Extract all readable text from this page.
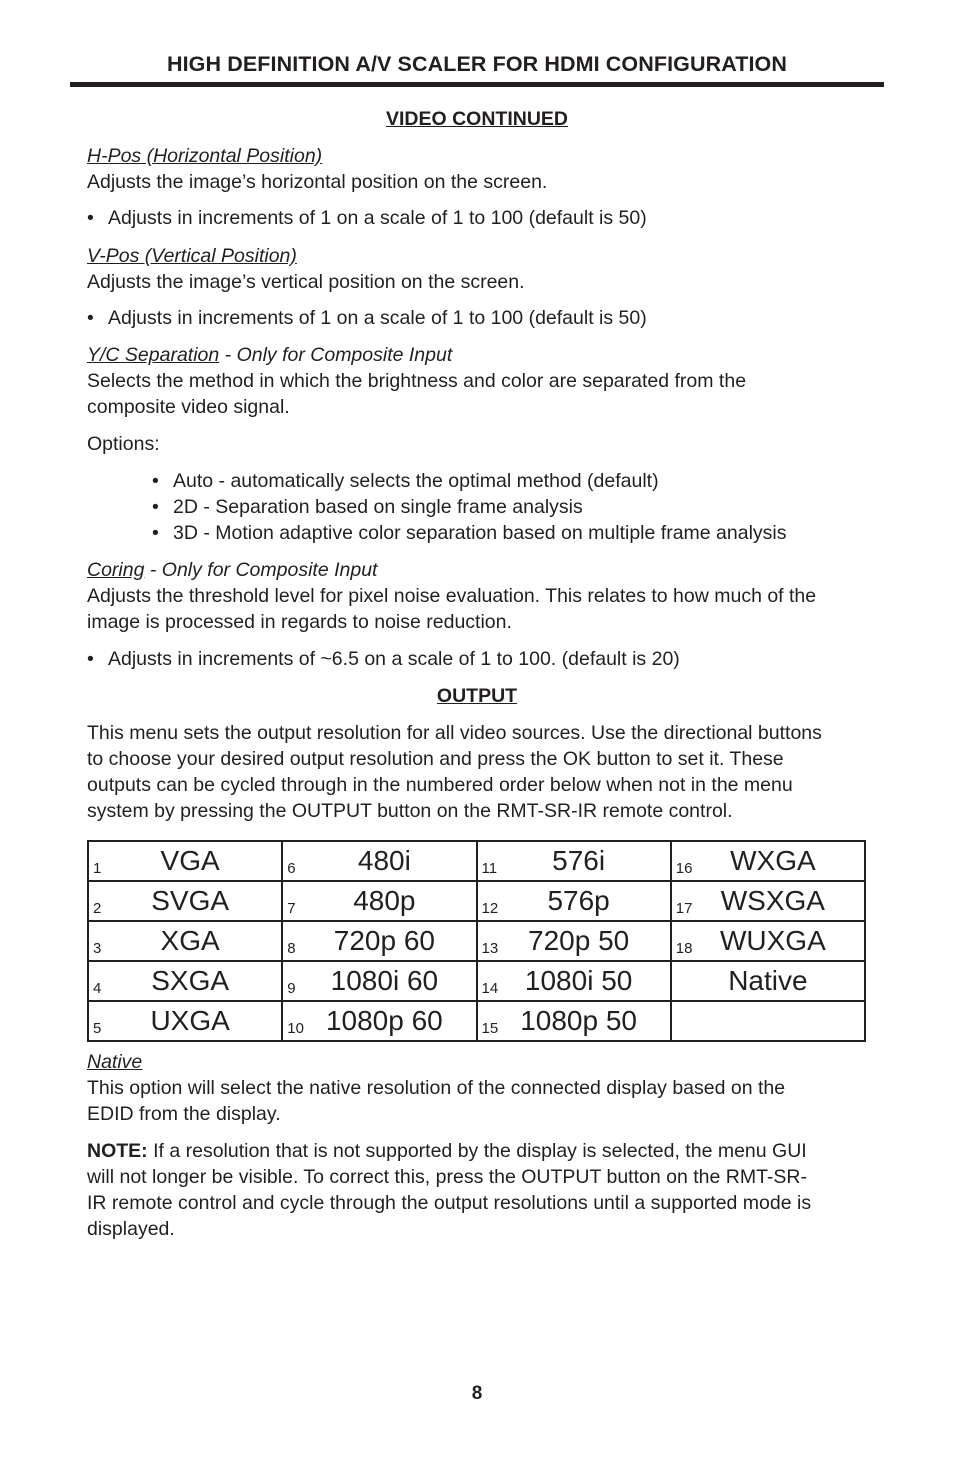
HIGH DEFINITION A/V SCALER FOR HDMI CONFIGURATION
VIDEO CONTINUED
H-Pos (Horizontal Position)
Adjusts the image’s horizontal position on the screen.
• Adjusts in increments of 1 on a scale of 1 to 100 (default is 50)
V-Pos (Vertical Position)
Adjusts the image’s vertical position on the screen.
• Adjusts in increments of 1 on a scale of 1 to 100 (default is 50)
Y/C Separation - Only for Composite Input
Selects the method in which the brightness and color are separated from the
composite video signal.
Options:
• Auto - automatically selects the optimal method (default)
• 2D - Separation based on single frame analysis
• 3D - Motion adaptive color separation based on multiple frame analysis
Coring - Only for Composite Input
Adjusts the threshold level for pixel noise evaluation. This relates to how much of the
image is processed in regards to noise reduction.
• Adjusts in increments of ~6.5 on a scale of 1 to 100. (default is 20)
OUTPUT
This menu sets the output resolution for all video sources. Use the directional buttons
to choose your desired output resolution and press the OK button to set it. These
outputs can be cycled through in the numbered order below when not in the menu
system by pressing the OUTPUT button on the RMT-SR-IR remote control.
1 VGA	6 480i	11 576i	16 WXGA

2 SVGA	7 480p	12 576p	17 WSXGA

3 XGA	8 720p 60	13 720p 50	18 WUXGA

4 SXGA	9 1080i 60	14 1080i 50	Native

5 UXGA	10 1080p 60	15 1080p 50	

Native
This option will select the native resolution of the connected display based on the
EDID from the display.
NOTE: If a resolution that is not supported by the display is selected, the menu GUI
will not longer be visible. To correct this, press the OUTPUT button on the RMT-SR-
IR remote control and cycle through the output resolutions until a supported mode is
displayed.
8
